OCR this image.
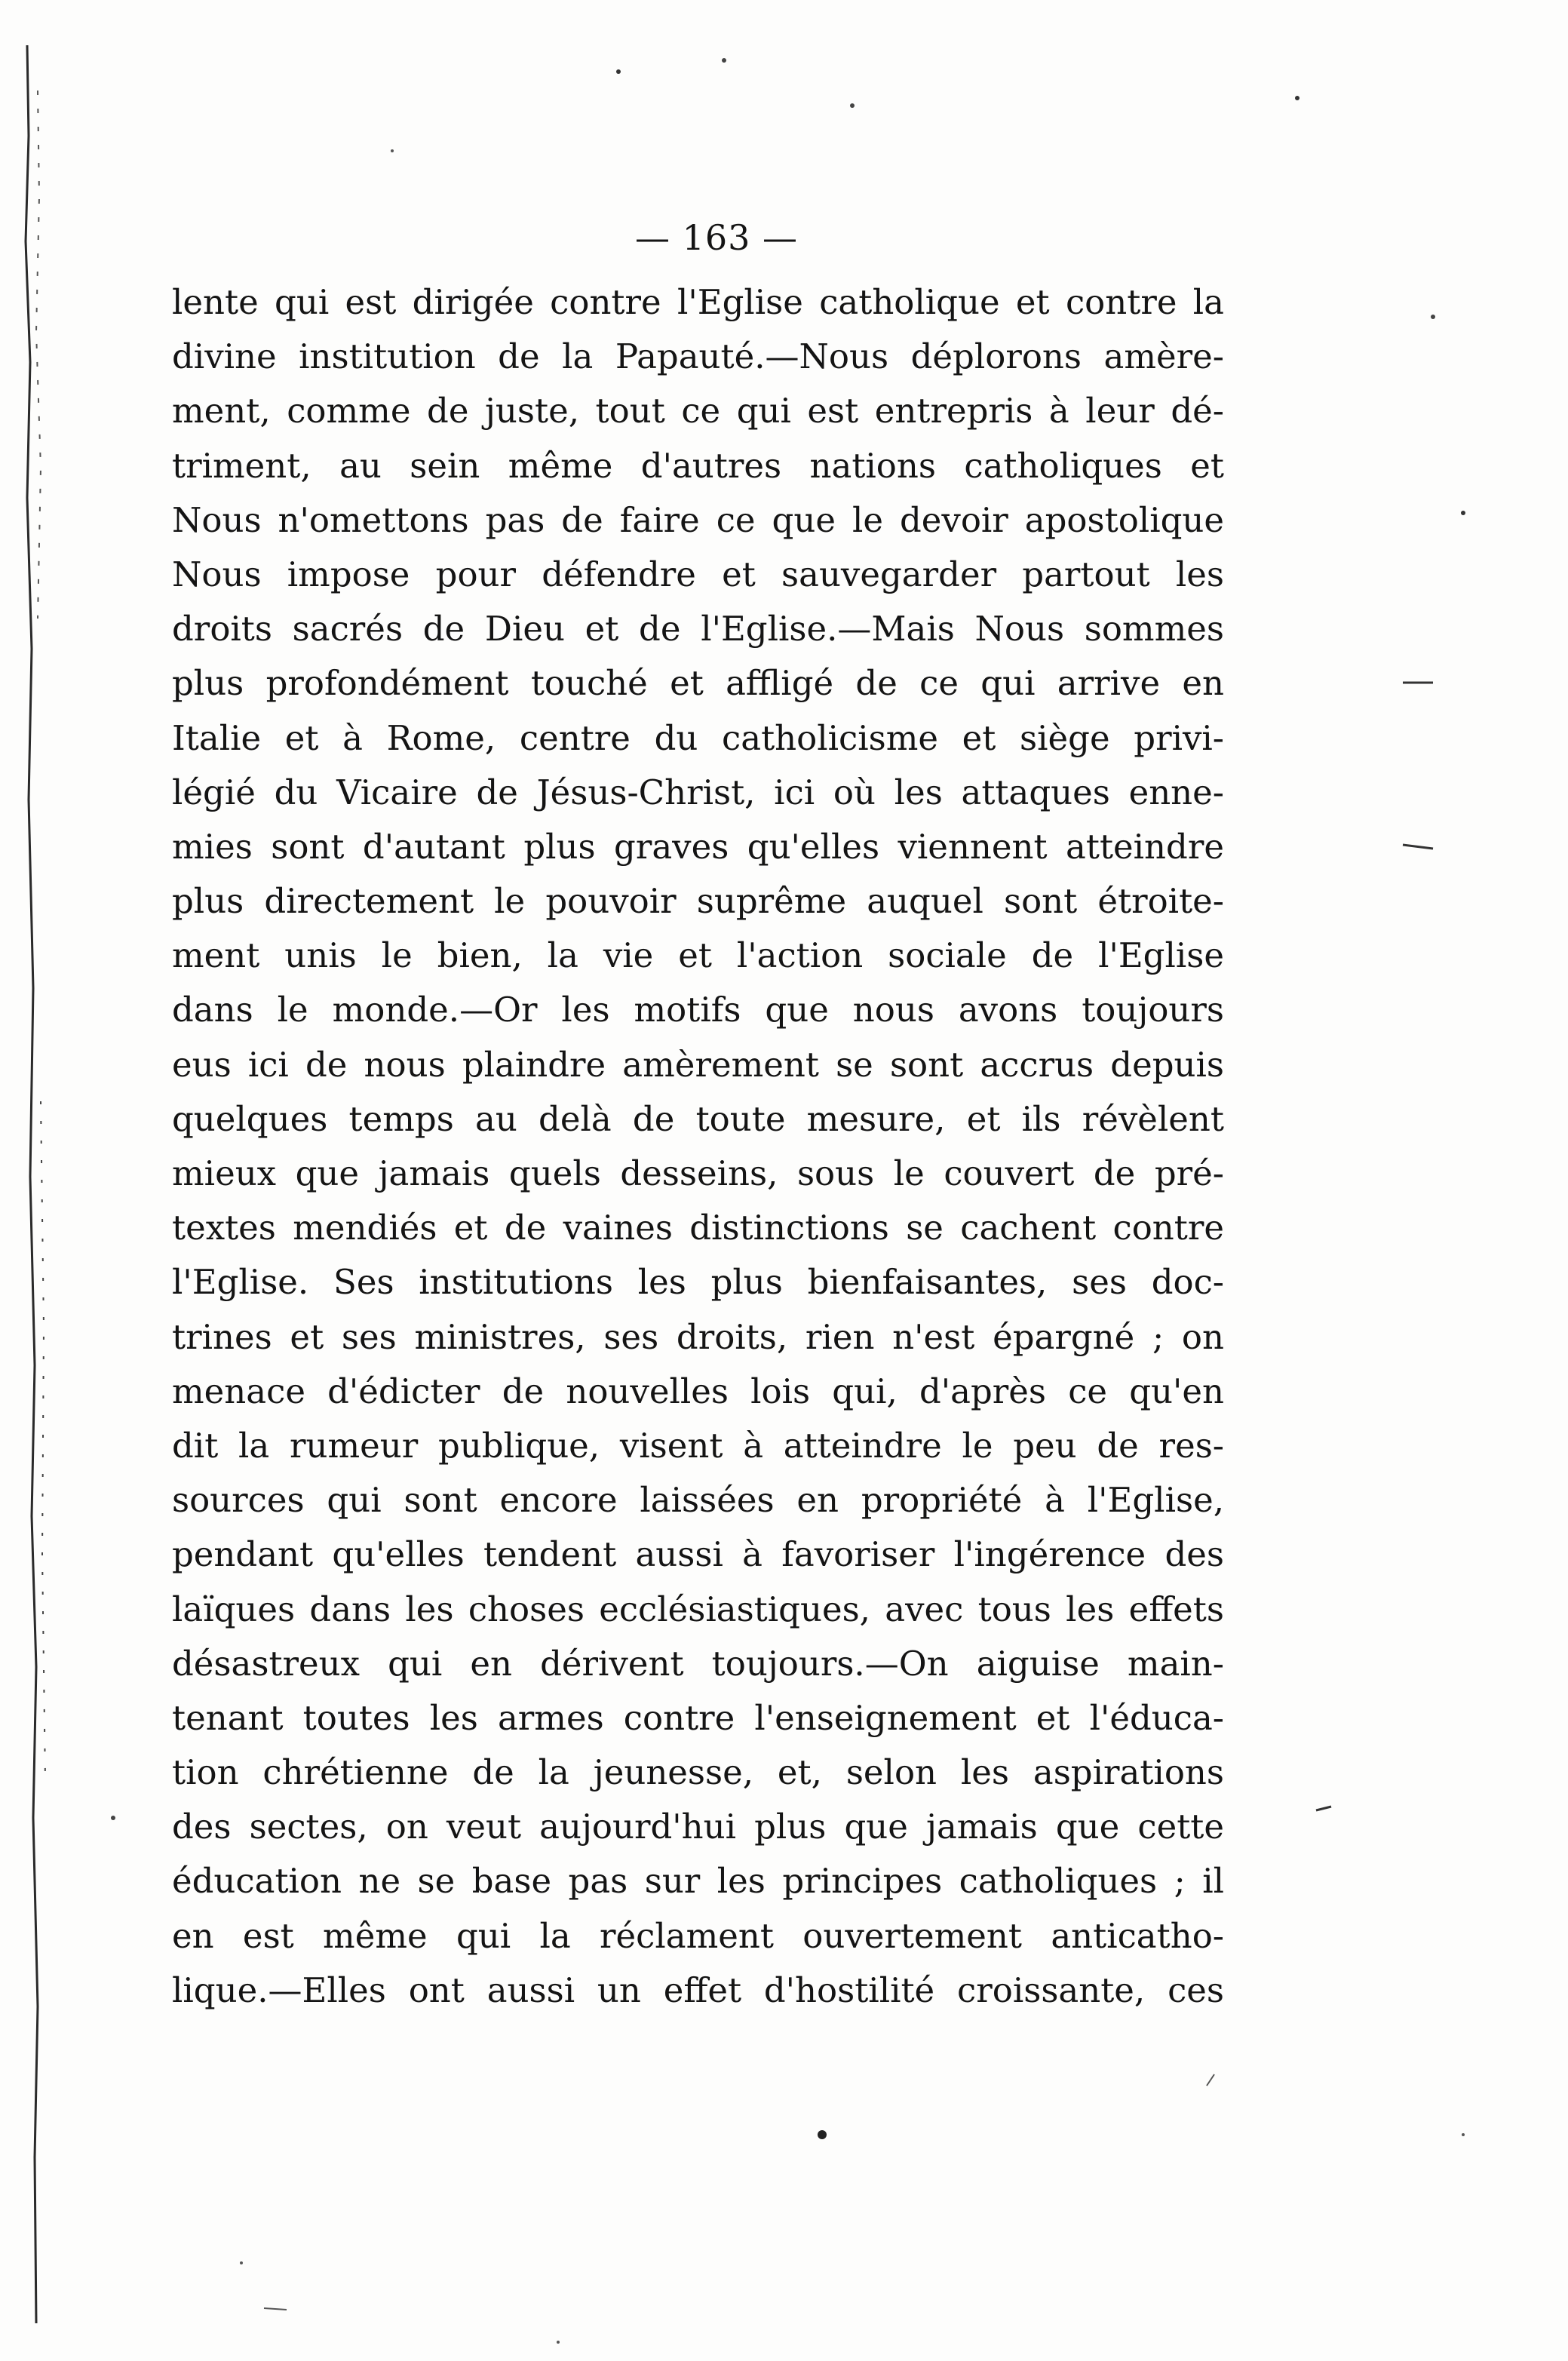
— 163 —
lente qui est dirigée contre l'Eglise catholique et contre la
divine institution de la Papauté.—Nous déplorons amère-
ment, comme de juste, tout ce qui est entrepris à leur dé-
triment, au sein même d'autres nations catholiques et
Nous n'omettons pas de faire ce que le devoir apostolique
Nous impose pour défendre et sauvegarder partout les
droits sacrés de Dieu et de l'Eglise.—Mais Nous sommes
plus profondément touché et affligé de ce qui arrive en
Italie et à Rome, centre du catholicisme et siège privi-
légié du Vicaire de Jésus-Christ, ici où les attaques enne-
mies sont d'autant plus graves qu'elles viennent atteindre
plus directement le pouvoir suprême auquel sont étroite-
ment unis le bien, la vie et l'action sociale de l'Eglise
dans le monde.—Or les motifs que nous avons toujours
eus ici de nous plaindre amèrement se sont accrus depuis
quelques temps au delà de toute mesure, et ils révèlent
mieux que jamais quels desseins, sous le couvert de pré-
textes mendiés et de vaines distinctions se cachent contre
l'Eglise. Ses institutions les plus bienfaisantes, ses doc-
trines et ses ministres, ses droits, rien n'est épargné ; on
menace d'édicter de nouvelles lois qui, d'après ce qu'en
dit la rumeur publique, visent à atteindre le peu de res-
sources qui sont encore laissées en propriété à l'Eglise,
pendant qu'elles tendent aussi à favoriser l'ingérence des
laïques dans les choses ecclésiastiques, avec tous les effets
désastreux qui en dérivent toujours.—On aiguise main-
tenant toutes les armes contre l'enseignement et l'éduca-
tion chrétienne de la jeunesse, et, selon les aspirations
des sectes, on veut aujourd'hui plus que jamais que cette
éducation ne se base pas sur les principes catholiques ; il
en est même qui la réclament ouvertement anticatho-
lique.—Elles ont aussi un effet d'hostilité croissante, ces
